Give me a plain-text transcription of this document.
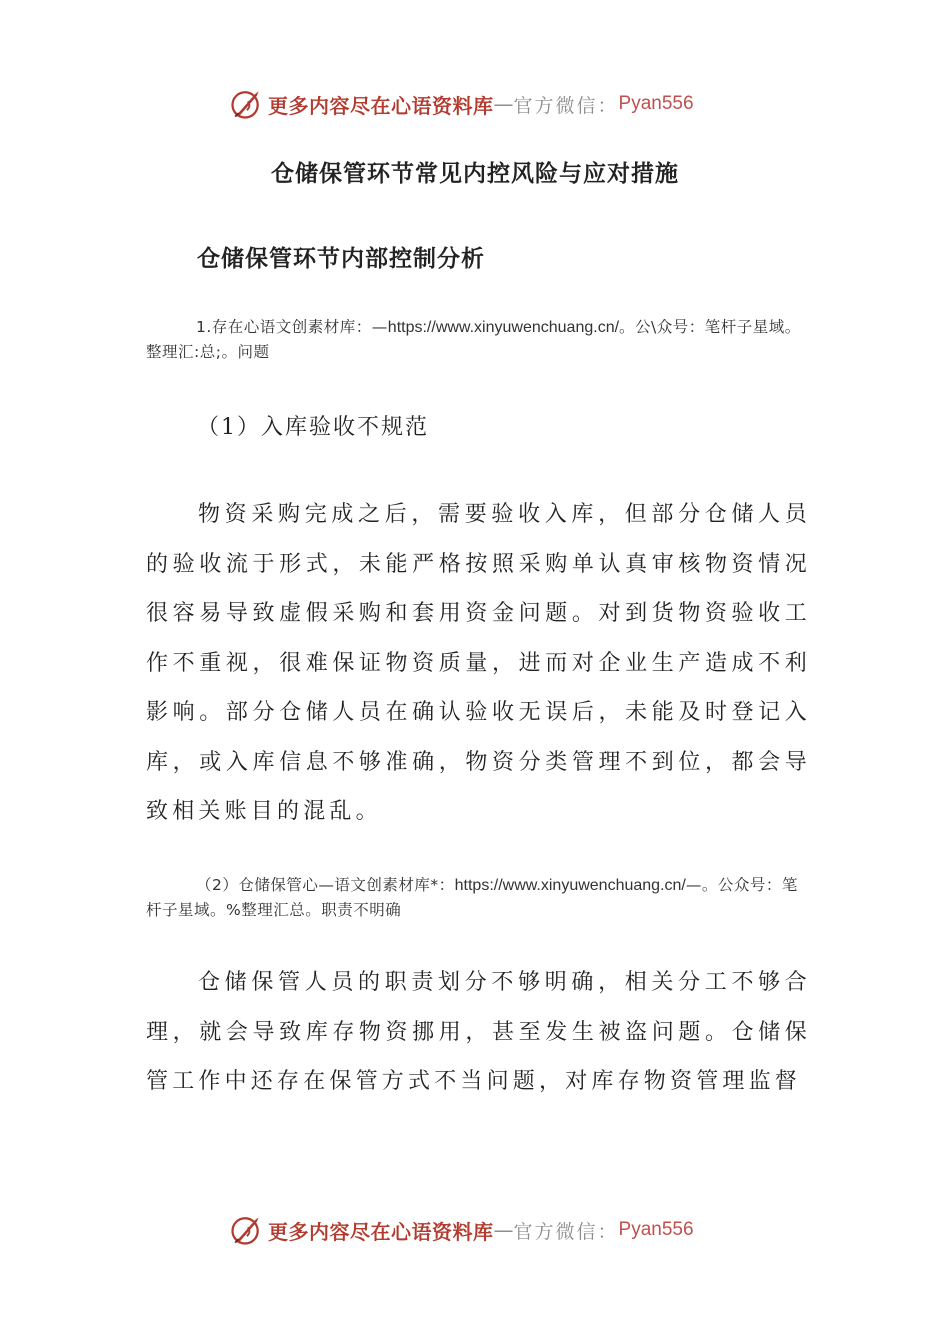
更多内容尽在心语资料库 — 官方微信： Pyan556
仓储保管环节常见内控风险与应对措施
仓储保管环节内部控制分析
1.存在心语文创素材库：—https://www.xinyuwenchuang.cn/。公\众号：笔杆子星域。整理汇:总;。问题
（1）入库验收不规范

物资采购完成之后，需要验收入库，但部分仓储人员的验收流于形式，未能严格按照采购单认真审核物资情况很容易导致虚假采购和套用资金问题。对到货物资验收工作不重视，很难保证物资质量，进而对企业生产造成不利影响。部分仓储人员在确认验收无误后，未能及时登记入库，或入库信息不够准确，物资分类管理不到位，都会导致相关账目的混乱。

（2）仓储保管心—语文创素材库*：https://www.xinyuwenchuang.cn/—。公众号：笔杆子星域。%整理汇总。职责不明确

仓储保管人员的职责划分不够明确，相关分工不够合理，就会导致库存物资挪用，甚至发生被盗问题。仓储保管工作中还存在保管方式不当问题，对库存物资管理监督

更多内容尽在心语资料库 — 官方微信： Pyan556
